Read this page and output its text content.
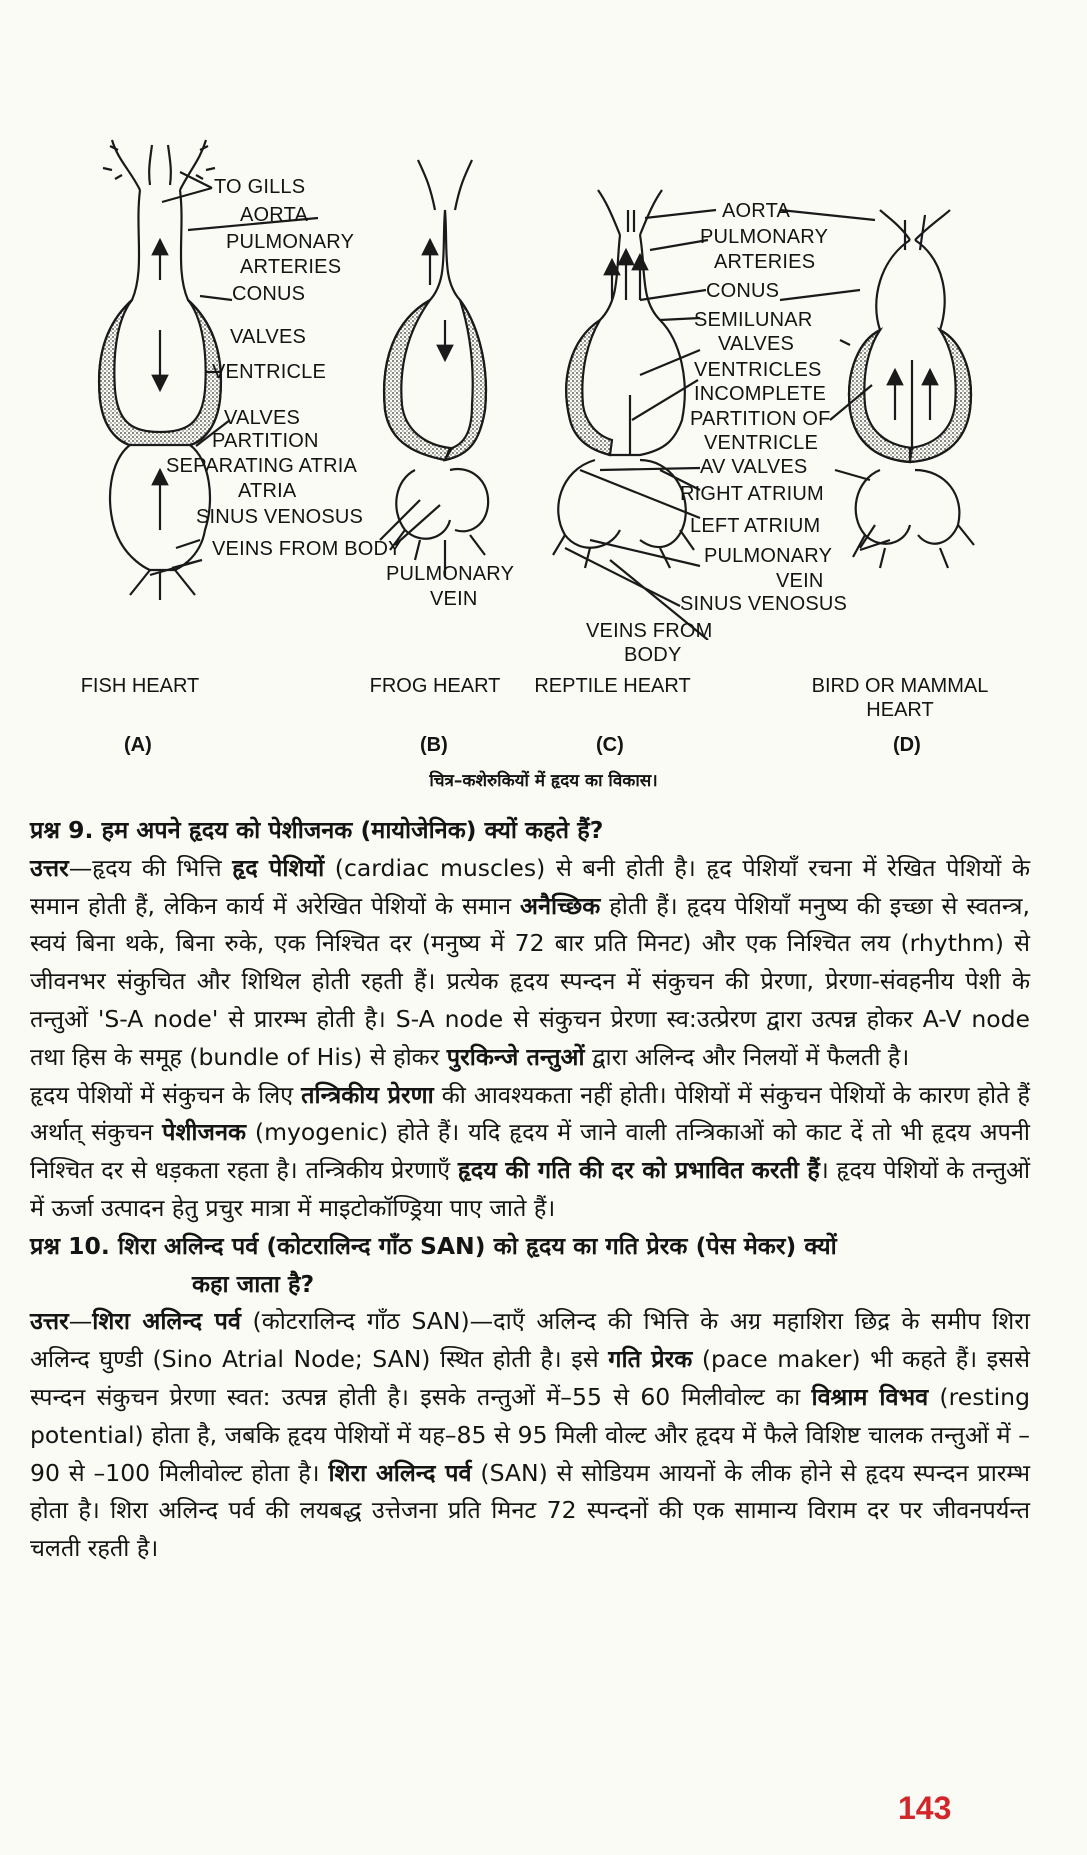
TO GILLS
AORTA
PULMONARY
ARTERIES
CONUS
VALVES
VENTRICLE
VALVES
PARTITION
SEPARATING ATRIA
ATRIA
SINUS VENOSUS
VEINS FROM BODY
PULMONARY
VEIN
AORTA
PULMONARY
ARTERIES
CONUS
SEMILUNAR
VALVES
VENTRICLES
INCOMPLETE
PARTITION OF
VENTRICLE
AV VALVES
RIGHT ATRIUM
LEFT ATRIUM
PULMONARY
VEIN
SINUS VENOSUS
VEINS FROM
BODY
FISH HEART	FROG HEART	REPTILE HEART	BIRD OR MAMMAL HEART
(A)	(B)	(C)	(D)
चित्र–कशेरुकियों में हृदय का विकास।

प्रश्न 9. हम अपने हृदय को पेशीजनक (मायोजेनिक) क्यों कहते हैं?

उत्तर—हृदय की भित्ति हृद पेशियों (cardiac muscles) से बनी होती है। हृद पेशियाँ रचना में रेखित पेशियों के समान होती हैं, लेकिन कार्य में अरेखित पेशियों के समान अनैच्छिक होती हैं। हृदय पेशियाँ मनुष्य की इच्छा से स्वतन्त्र, स्वयं बिना थके, बिना रुके, एक निश्चित दर (मनुष्य में 72 बार प्रति मिनट) और एक निश्चित लय (rhythm) से जीवनभर संकुचित और शिथिल होती रहती हैं। प्रत्येक हृदय स्पन्दन में संकुचन की प्रेरणा, प्रेरणा-संवहनीय पेशी के तन्तुओं 'S-A node' से प्रारम्भ होती है। S-A node से संकुचन प्रेरणा स्व:उत्प्रेरण द्वारा उत्पन्न होकर A-V node तथा हिस के समूह (bundle of His) से होकर पुरकिन्जे तन्तुओं द्वारा अलिन्द और निलयों में फैलती है।

हृदय पेशियों में संकुचन के लिए तन्त्रिकीय प्रेरणा की आवश्यकता नहीं होती। पेशियों में संकुचन पेशियों के कारण होते हैं अर्थात् संकुचन पेशीजनक (myogenic) होते हैं। यदि हृदय में जाने वाली तन्त्रिकाओं को काट दें तो भी हृदय अपनी निश्चित दर से धड़कता रहता है। तन्त्रिकीय प्रेरणाएँ हृदय की गति की दर को प्रभावित करती हैं। हृदय पेशियों के तन्तुओं में ऊर्जा उत्पादन हेतु प्रचुर मात्रा में माइटोकॉण्ड्रिया पाए जाते हैं।

प्रश्न 10. शिरा अलिन्द पर्व (कोटरालिन्द गाँठ SAN) को हृदय का गति प्रेरक (पेस मेकर) क्यों

कहा जाता है?

उत्तर—शिरा अलिन्द पर्व (कोटरालिन्द गाँठ SAN)—दाएँ अलिन्द की भित्ति के अग्र महाशिरा छिद्र के समीप शिरा अलिन्द घुण्डी (Sino Atrial Node; SAN) स्थित होती है। इसे गति प्रेरक (pace maker) भी कहते हैं। इससे स्पन्दन संकुचन प्रेरणा स्वत: उत्पन्न होती है। इसके तन्तुओं में–55 से 60 मिलीवोल्ट का विश्राम विभव (resting potential) होता है, जबकि हृदय पेशियों में यह–85 से 95 मिली वोल्ट और हृदय में फैले विशिष्ट चालक तन्तुओं में –90 से –100 मिलीवोल्ट होता है। शिरा अलिन्द पर्व (SAN) से सोडियम आयनों के लीक होने से हृदय स्पन्दन प्रारम्भ होता है। शिरा अलिन्द पर्व की लयबद्ध उत्तेजना प्रति मिनट 72 स्पन्दनों की एक सामान्य विराम दर पर जीवनपर्यन्त चलती रहती है।

143
